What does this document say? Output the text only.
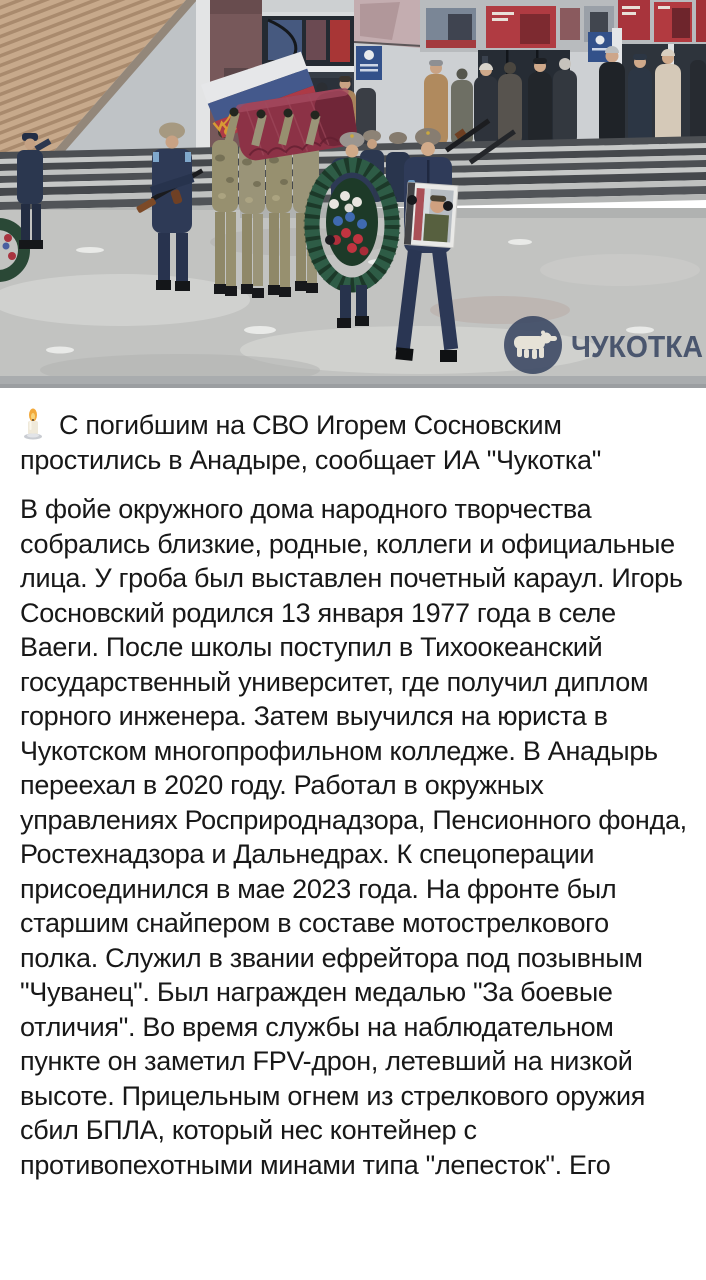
ЧУКОТКА

С погибшим на СВО Игорем Сосновским простились в Анадыре, сообщает ИА "Чукотка"

В фойе окружного дома народного творчества собрались близкие, родные, коллеги и официальные лица. У гроба был выставлен почетный караул. Игорь Сосновский родился 13 января 1977 года в селе Ваеги. После школы поступил в Тихоокеанский государственный университет, где получил диплом горного инженера. Затем выучился на юриста в Чукотском многопрофильном колледже. В Анадырь переехал в 2020 году. Работал в окружных управлениях Росприроднадзора, Пенсионного фонда, Ростехнадзора и Дальнедрах. К спецоперации присоединился в мае 2023 года. На фронте был старшим снайпером в составе мотострелкового полка. Служил в звании ефрейтора под позывным "Чуванец". Был награжден медалью "За боевые отличия". Во время службы на наблюдательном пункте он заметил FPV-дрон, летевший на низкой высоте. Прицельным огнем из стрелкового оружия сбил БПЛА, который нес контейнер с противопехотными минами типа "лепесток". Его
